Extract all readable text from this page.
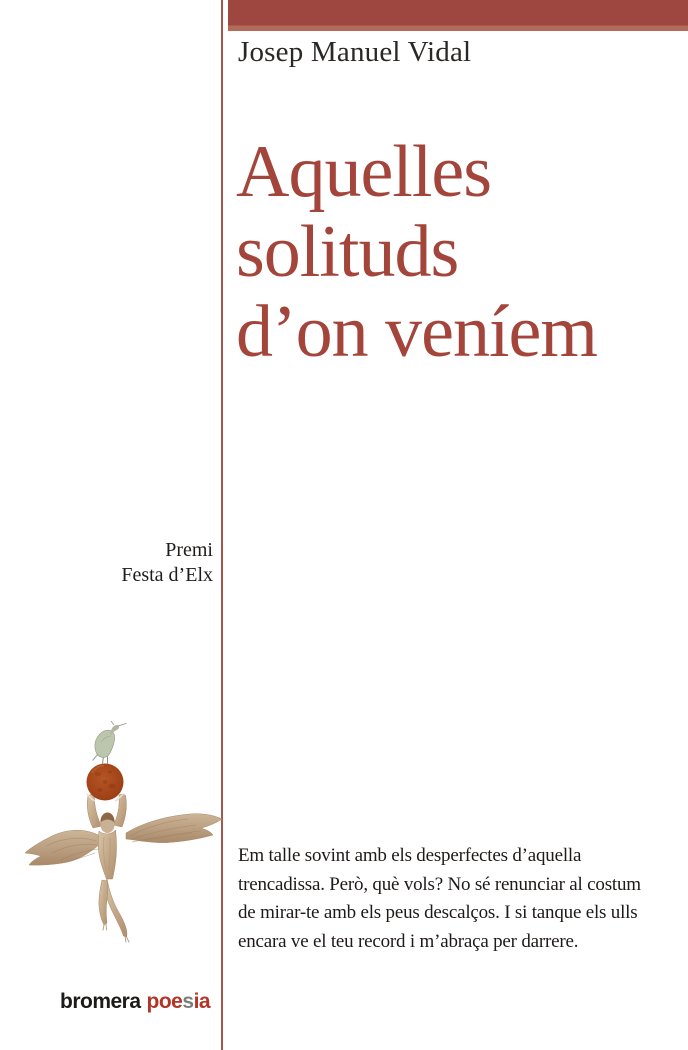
Josep Manuel Vidal
Aquelles
solituds
d’on veníem
Premi
Festa d’Elx
Em talle sovint amb els desperfectes d’aquella
trencadissa. Però, què vols? No sé renunciar al costum
de mirar-te amb els peus descalços. I si tanque els ulls
encara ve el teu record i m’abraça per darrere.
bromera poesia
